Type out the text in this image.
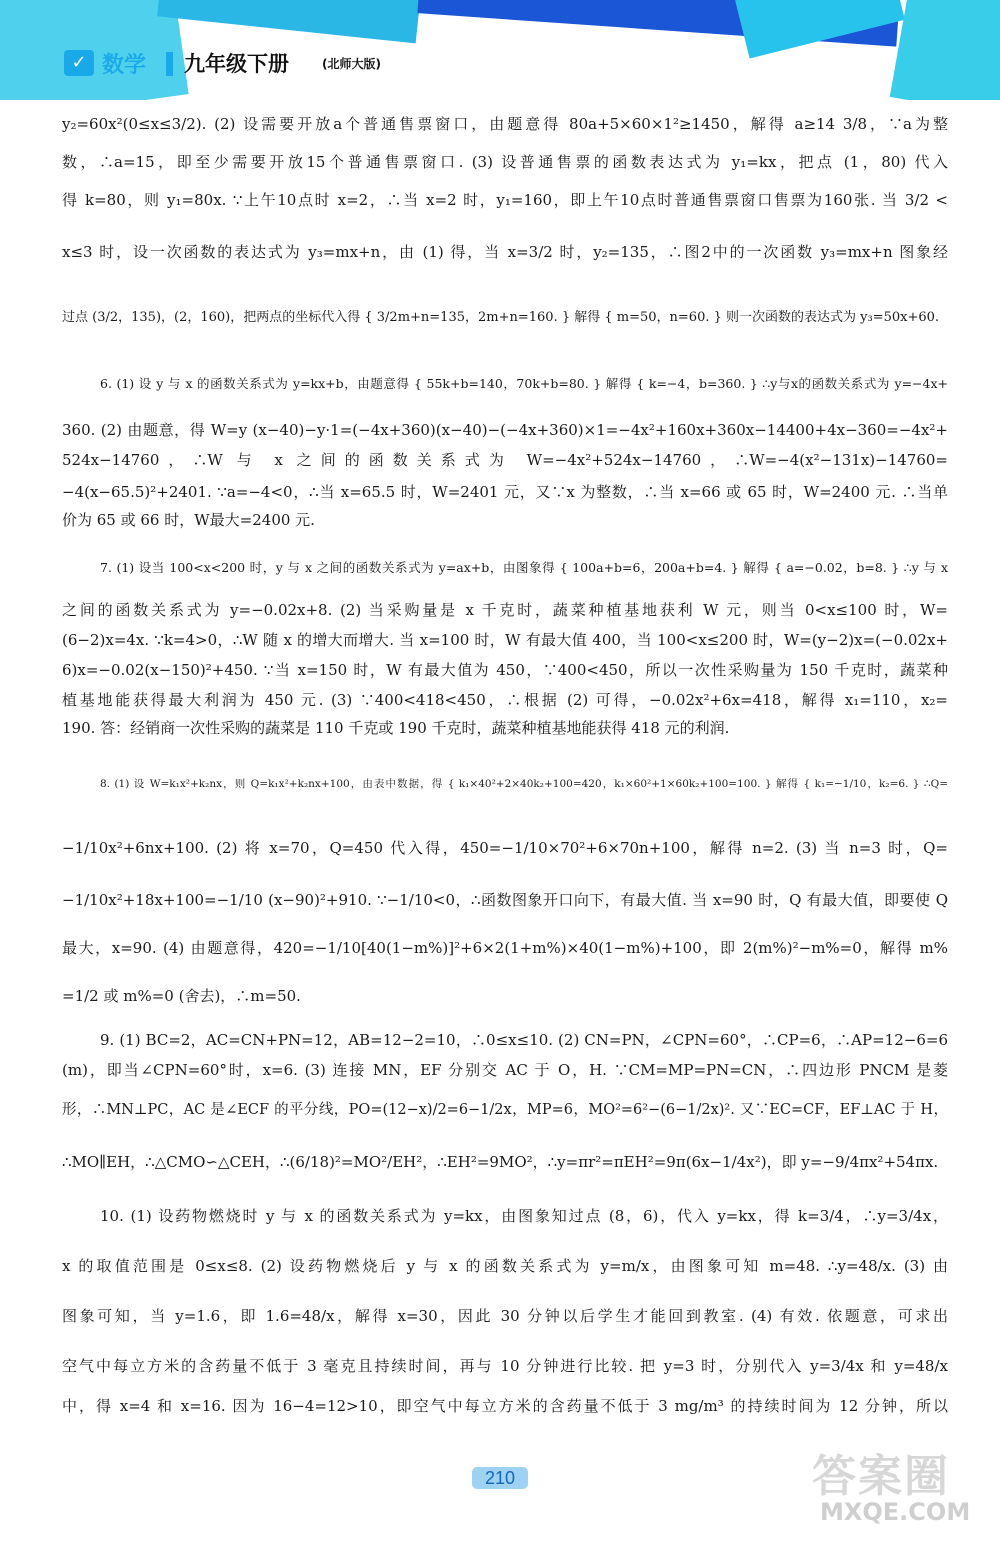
✓ 数学 九年级下册	(北师大版)
y₂=60x²(0≤x≤3/2). (2) 设需要开放a个普通售票窗口，由题意得 80a+5×60×1²≥1450，解得 a≥14 3/8，∵a为整
数，∴a=15，即至少需要开放15个普通售票窗口. (3) 设普通售票的函数表达式为 y₁=kx，把点 (1，80) 代入
得 k=80，则 y₁=80x. ∵上午10点时 x=2，∴当 x=2 时，y₁=160，即上午10点时普通售票窗口售票为160张. 当 3/2 <
x≤3 时，设一次函数的表达式为 y₃=mx+n，由 (1) 得，当 x=3/2 时，y₂=135，∴图2中的一次函数 y₃=mx+n 图象经
过点 (3/2，135)，(2，160)，把两点的坐标代入得 { 3/2m+n=135，2m+n=160. } 解得 { m=50，n=60. } 则一次函数的表达式为 y₃=50x+60.
6. (1) 设 y 与 x 的函数关系式为 y=kx+b，由题意得 { 55k+b=140，70k+b=80. } 解得 { k=−4，b=360. } ∴y与x的函数关系式为 y=−4x+
360. (2) 由题意，得 W=y (x−40)−y·1=(−4x+360)(x−40)−(−4x+360)×1=−4x²+160x+360x−14400+4x−360=−4x²+
524x−14760，∴W 与 x 之间的函数关系式为 W=−4x²+524x−14760，∴W=−4(x²−131x)−14760=
−4(x−65.5)²+2401. ∵a=−4<0，∴当 x=65.5 时，W=2401 元，又∵x 为整数，∴当 x=66 或 65 时，W=2400 元. ∴当单
价为 65 或 66 时，W最大=2400 元.
7. (1) 设当 100<x<200 时，y 与 x 之间的函数关系式为 y=ax+b，由图象得 { 100a+b=6，200a+b=4. } 解得 { a=−0.02，b=8. } ∴y 与 x
之间的函数关系式为 y=−0.02x+8. (2) 当采购量是 x 千克时，蔬菜种植基地获利 W 元，则当 0<x≤100 时，W=
(6−2)x=4x. ∵k=4>0，∴W 随 x 的增大而增大. 当 x=100 时，W 有最大值 400，当 100<x≤200 时，W=(y−2)x=(−0.02x+
6)x=−0.02(x−150)²+450. ∵当 x=150 时，W 有最大值为 450，∵400<450，所以一次性采购量为 150 千克时，蔬菜种
植基地能获得最大利润为 450 元. (3) ∵400<418<450，∴根据 (2) 可得，−0.02x²+6x=418，解得 x₁=110，x₂=
190. 答：经销商一次性采购的蔬菜是 110 千克或 190 千克时，蔬菜种植基地能获得 418 元的利润.
8. (1) 设 W=k₁x²+k₂nx，则 Q=k₁x²+k₂nx+100，由表中数据，得 { k₁×40²+2×40k₂+100=420，k₁×60²+1×60k₂+100=100. } 解得 { k₁=−1/10，k₂=6. } ∴Q=
−1/10x²+6nx+100. (2) 将 x=70，Q=450 代入得，450=−1/10×70²+6×70n+100，解得 n=2. (3) 当 n=3 时，Q=
−1/10x²+18x+100=−1/10 (x−90)²+910. ∵−1/10<0，∴函数图象开口向下，有最大值. 当 x=90 时，Q 有最大值，即要使 Q
最大，x=90. (4) 由题意得，420=−1/10[40(1−m%)]²+6×2(1+m%)×40(1−m%)+100，即 2(m%)²−m%=0，解得 m%
=1/2 或 m%=0 (舍去)，∴m=50.
9. (1) BC=2，AC=CN+PN=12，AB=12−2=10，∴0≤x≤10. (2) CN=PN，∠CPN=60°，∴CP=6，∴AP=12−6=6
(m)，即当∠CPN=60°时，x=6. (3) 连接 MN，EF 分别交 AC 于 O，H. ∵CM=MP=PN=CN，∴四边形 PNCM 是菱
形，∴MN⊥PC，AC 是∠ECF 的平分线，PO=(12−x)/2=6−1/2x，MP=6，MO²=6²−(6−1/2x)². 又∵EC=CF，EF⊥AC 于 H，
∴MO∥EH，∴△CMO∽△CEH，∴(6/18)²=MO²/EH²，∴EH²=9MO²，∴y=πr²=πEH²=9π(6x−1/4x²)，即 y=−9/4πx²+54πx.
10. (1) 设药物燃烧时 y 与 x 的函数关系式为 y=kx，由图象知过点 (8，6)，代入 y=kx，得 k=3/4，∴y=3/4x，
x 的取值范围是 0≤x≤8. (2) 设药物燃烧后 y 与 x 的函数关系式为 y=m/x，由图象可知 m=48. ∴y=48/x. (3) 由
图象可知，当 y=1.6，即 1.6=48/x，解得 x=30，因此 30 分钟以后学生才能回到教室. (4) 有效. 依题意，可求出
空气中每立方米的含药量不低于 3 毫克且持续时间，再与 10 分钟进行比较. 把 y=3 时，分别代入 y=3/4x 和 y=48/x
中，得 x=4 和 x=16. 因为 16−4=12>10，即空气中每立方米的含药量不低于 3 mg/m³ 的持续时间为 12 分钟，所以
210	答案圈
MXQE.COM
